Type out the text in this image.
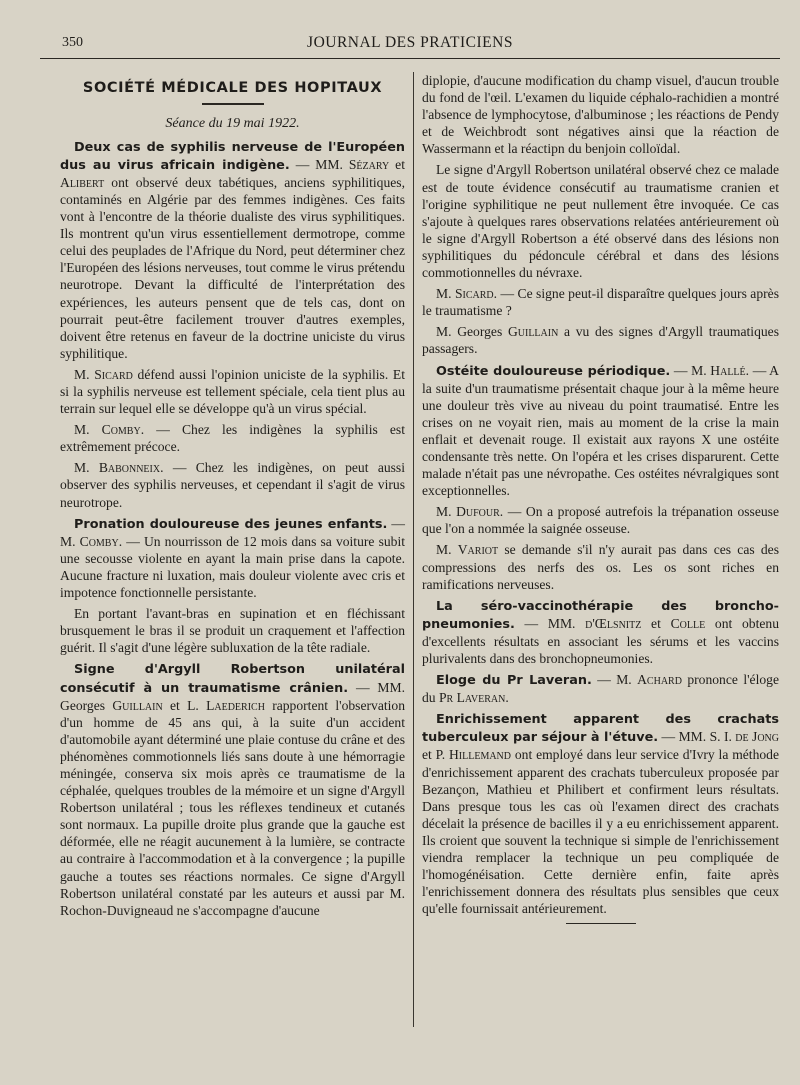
350	JOURNAL DES PRATICIENS
SOCIÉTÉ MÉDICALE DES HOPITAUX
Séance du 19 mai 1922.

Deux cas de syphilis nerveuse de l'Européen dus au virus africain indigène. — MM. Sézary et Alibert ont observé deux tabétiques, anciens syphilitiques, contaminés en Algérie par des femmes indigènes. Ces faits vont à l'encontre de la théorie dualiste des virus syphilitiques. Ils montrent qu'un virus essentiellement dermotrope, comme celui des peuplades de l'Afrique du Nord, peut déterminer chez l'Européen des lésions nerveuses, tout comme le virus prétendu neurotrope. Devant la difficulté de l'interprétation des expériences, les auteurs pensent que de tels cas, dont on pourrait peut-être facilement trouver d'autres exemples, doivent être retenus en faveur de la doctrine uniciste du virus syphilitique.

M. Sicard défend aussi l'opinion uniciste de la syphilis. Et si la syphilis nerveuse est tellement spéciale, cela tient plus au terrain sur lequel elle se développe qu'à un virus spécial.

M. Comby. — Chez les indigènes la syphilis est extrêmement précoce.

M. Babonneix. — Chez les indigènes, on peut aussi observer des syphilis nerveuses, et cependant il s'agit de virus neurotrope.

Pronation douloureuse des jeunes enfants. — M. Comby. — Un nourrisson de 12 mois dans sa voiture subit une secousse violente en ayant la main prise dans la capote. Aucune fracture ni luxation, mais douleur violente avec cris et impotence fonctionnelle persistante.

En portant l'avant-bras en supination et en fléchissant brusquement le bras il se produit un craquement et l'affection guérit. Il s'agit d'une légère subluxation de la tête radiale.

Signe d'Argyll Robertson unilatéral consécutif à un traumatisme crânien. — MM. Georges Guillain et L. Laederich rapportent l'observation d'un homme de 45 ans qui, à la suite d'un accident d'automobile ayant déterminé une plaie contuse du crâne et des phénomènes commotionnels liés sans doute à une hémorragie méningée, conserva six mois après ce traumatisme de la céphalée, quelques troubles de la mémoire et un signe d'Argyll Robertson unilatéral ; tous les réflexes tendineux et cutanés sont normaux. La pupille droite plus grande que la gauche est déformée, elle ne réagit aucunement à la lumière, se contracte au contraire à l'accommodation et à la convergence ; la pupille gauche a toutes ses réactions normales. Ce signe d'Argyll Robertson unilatéral constaté par les auteurs et aussi par M. Rochon-Duvigneaud ne s'accompagne d'aucune

diplopie, d'aucune modification du champ visuel, d'aucun trouble du fond de l'œil. L'examen du liquide céphalo-rachidien a montré l'absence de lymphocytose, d'albuminose ; les réactions de Pendy et de Weichbrodt sont négatives ainsi que la réaction de Wassermann et la réactipn du benjoin colloïdal.

Le signe d'Argyll Robertson unilatéral observé chez ce malade est de toute évidence consécutif au traumatisme cranien et l'origine syphilitique ne peut nullement être invoquée. Ce cas s'ajoute à quelques rares observations relatées antérieurement où le signe d'Argyll Robertson a été observé dans des lésions non syphilitiques du pédoncule cérébral et dans des lésions commotionnelles du névraxe.

M. Sicard. — Ce signe peut-il disparaître quelques jours après le traumatisme ?

M. Georges Guillain a vu des signes d'Argyll traumatiques passagers.

Ostéite douloureuse périodique. — M. Hallé. — A la suite d'un traumatisme présentait chaque jour à la même heure une douleur très vive au niveau du point traumatisé. Entre les crises on ne voyait rien, mais au moment de la crise la main enflait et devenait rouge. Il existait aux rayons X une ostéite condensante très nette. On l'opéra et les crises disparurent. Cette malade n'était pas une névropathe. Ces ostéites névralgiques sont exceptionnelles.

M. Dufour. — On a proposé autrefois la trépanation osseuse que l'on a nommée la saignée osseuse.

M. Variot se demande s'il n'y aurait pas dans ces cas des compressions des nerfs des os. Les os sont riches en ramifications nerveuses.

La séro-vaccinothérapie des broncho-pneumonies. — MM. d'Œlsnitz et Colle ont obtenu d'excellents résultats en associant les sérums et les vaccins plurivalents dans des bronchopneumonies.

Eloge du Pr Laveran. — M. Achard prononce l'éloge du Pr Laveran.

Enrichissement apparent des crachats tuberculeux par séjour à l'étuve. — MM. S. I. de Jong et P. Hillemand ont employé dans leur service d'Ivry la méthode d'enrichissement apparent des crachats tuberculeux proposée par Bezançon, Mathieu et Philibert et confirment leurs résultats. Dans presque tous les cas où l'examen direct des crachats décelait la présence de bacilles il y a eu enrichissement apparent. Ils croient que souvent la technique si simple de l'enrichissement viendra remplacer la technique un peu compliquée de l'homogénéisation. Cette dernière enfin, faite après l'enrichissement donnera des résultats plus sensibles que ceux qu'elle fournissait antérieurement.
